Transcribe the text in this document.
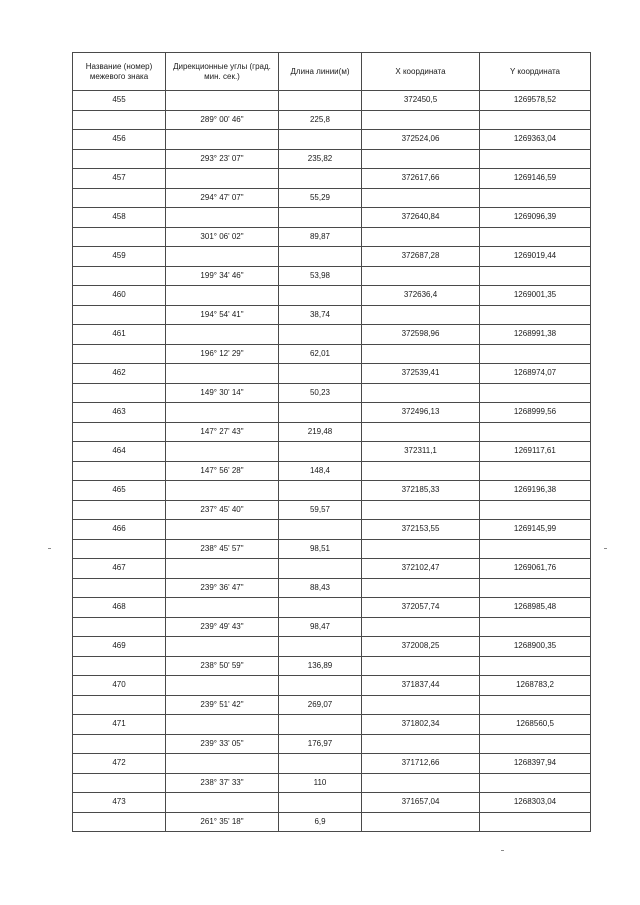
Название (номер) межевого знака	Дирекционные углы (град. мин. сек.)	Длина линии(м)	X координата	Y координата
455			372450,5	1269578,52
	289° 00' 46"	225,8		
456			372524,06	1269363,04
	293° 23' 07"	235,82		
457			372617,66	1269146,59
	294° 47' 07"	55,29		
458			372640,84	1269096,39
	301° 06' 02"	89,87		
459			372687,28	1269019,44
	199° 34' 46"	53,98		
460			372636,4	1269001,35
	194° 54' 41"	38,74		
461			372598,96	1268991,38
	196° 12' 29"	62,01		
462			372539,41	1268974,07
	149° 30' 14"	50,23		
463			372496,13	1268999,56
	147° 27' 43"	219,48		
464			372311,1	1269117,61
	147° 56' 28"	148,4		
465			372185,33	1269196,38
	237° 45' 40"	59,57		
466			372153,55	1269145,99
	238° 45' 57"	98,51		
467			372102,47	1269061,76
	239° 36' 47"	88,43		
468			372057,74	1268985,48
	239° 49' 43"	98,47		
469			372008,25	1268900,35
	238° 50' 59"	136,89		
470			371837,44	1268783,2
	239° 51' 42"	269,07		
471			371802,34	1268560,5
	239° 33' 05"	176,97		
472			371712,66	1268397,94
	238° 37' 33"	110		
473			371657,04	1268303,04
	261° 35' 18"	6,9		
